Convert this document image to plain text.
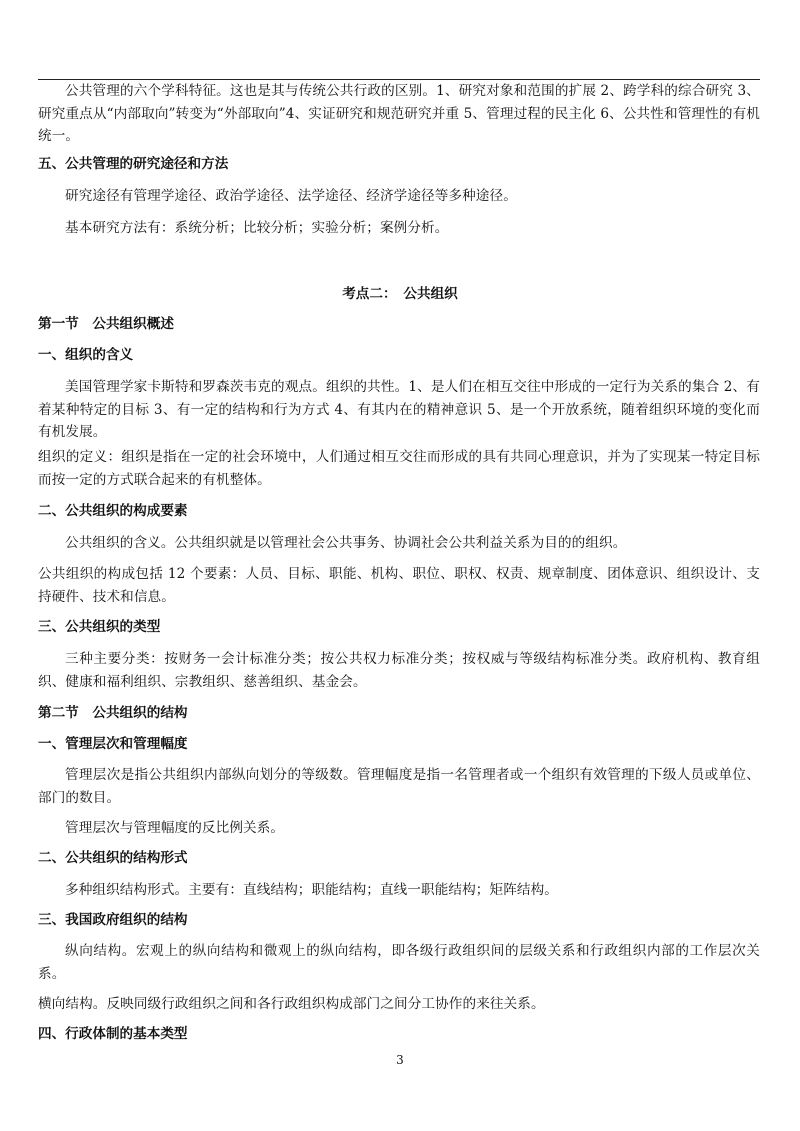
公共管理的六个学科特征。这也是其与传统公共行政的区别。1、研究对象和范围的扩展 2、跨学科的综合研究 3、研究重点从“内部取向”转变为“外部取向”4、实证研究和规范研究并重 5、管理过程的民主化 6、公共性和管理性的有机统一。
五、公共管理的研究途径和方法
研究途径有管理学途径、政治学途径、法学途径、经济学途径等多种途径。
基本研究方法有：系统分析；比较分析；实验分析；案例分析。
考点二：　公共组织
第一节　公共组织概述
一、组织的含义
美国管理学家卡斯特和罗森茨韦克的观点。组织的共性。1、是人们在相互交往中形成的一定行为关系的集合 2、有着某种特定的目标 3、有一定的结构和行为方式 4、有其内在的精神意识 5、是一个开放系统，随着组织环境的变化而有机发展。
组织的定义：组织是指在一定的社会环境中，人们通过相互交往而形成的具有共同心理意识，并为了实现某一特定目标而按一定的方式联合起来的有机整体。
二、公共组织的构成要素
公共组织的含义。公共组织就是以管理社会公共事务、协调社会公共利益关系为目的的组织。
公共组织的构成包括 12 个要素：人员、目标、职能、机构、职位、职权、权责、规章制度、团体意识、组织设计、支持硬件、技术和信息。
三、公共组织的类型
三种主要分类：按财务一会计标准分类；按公共权力标准分类；按权威与等级结构标准分类。政府机构、教育组织、健康和福利组织、宗教组织、慈善组织、基金会。
第二节　公共组织的结构
一、管理层次和管理幅度
管理层次是指公共组织内部纵向划分的等级数。管理幅度是指一名管理者或一个组织有效管理的下级人员或单位、部门的数目。
管理层次与管理幅度的反比例关系。
二、公共组织的结构形式
多种组织结构形式。主要有：直线结构；职能结构；直线一职能结构；矩阵结构。
三、我国政府组织的结构
纵向结构。宏观上的纵向结构和微观上的纵向结构，即各级行政组织间的层级关系和行政组织内部的工作层次关系。
横向结构。反映同级行政组织之间和各行政组织构成部门之间分工协作的来往关系。
四、行政体制的基本类型
3
